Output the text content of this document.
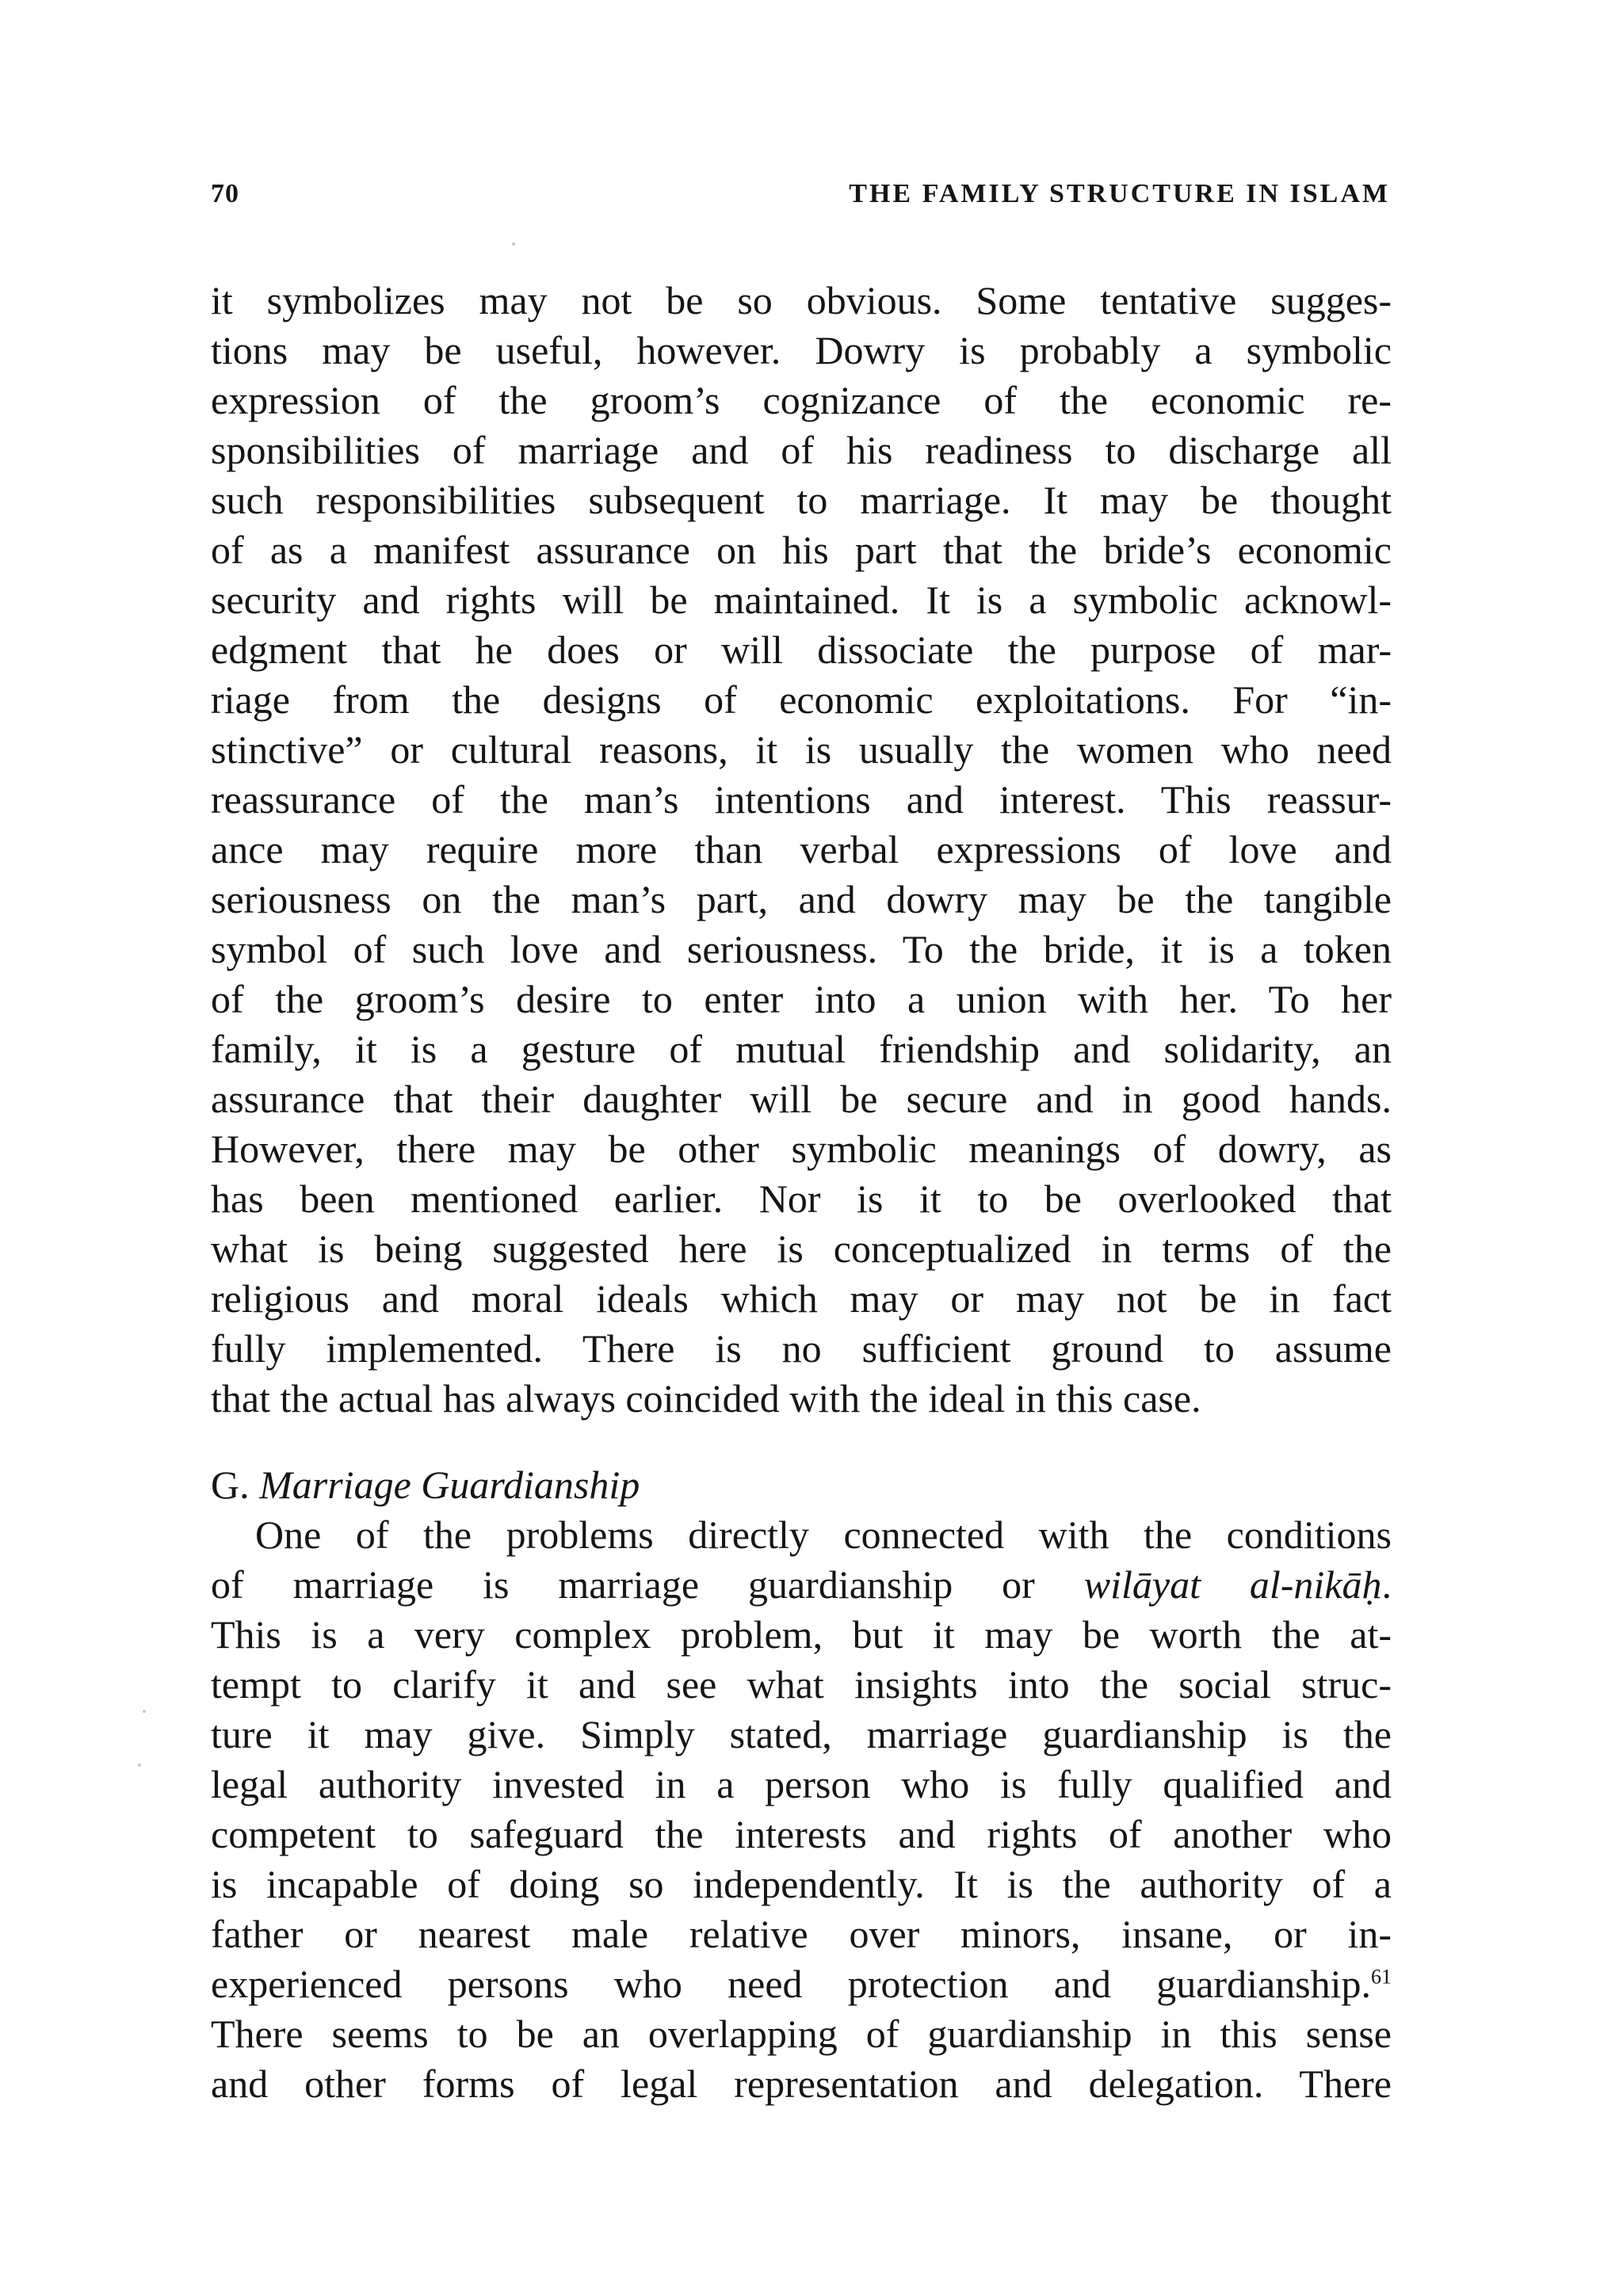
70	THE FAMILY STRUCTURE IN ISLAM
it symbolizes may not be so obvious. Some tentative sugges-
tions may be useful, however. Dowry is probably a symbolic
expression of the groom’s cognizance of the economic re-
sponsibilities of marriage and of his readiness to discharge all
such responsibilities subsequent to marriage. It may be thought
of as a manifest assurance on his part that the bride’s economic
security and rights will be maintained. It is a symbolic acknowl-
edgment that he does or will dissociate the purpose of mar-
riage from the designs of economic exploitations. For “in-
stinctive” or cultural reasons, it is usually the women who need
reassurance of the man’s intentions and interest. This reassur-
ance may require more than verbal expressions of love and
seriousness on the man’s part, and dowry may be the tangible
symbol of such love and seriousness. To the bride, it is a token
of the groom’s desire to enter into a union with her. To her
family, it is a gesture of mutual friendship and solidarity, an
assurance that their daughter will be secure and in good hands.
However, there may be other symbolic meanings of dowry, as
has been mentioned earlier. Nor is it to be overlooked that
what is being suggested here is conceptualized in terms of the
religious and moral ideals which may or may not be in fact
fully implemented. There is no sufficient ground to assume
that the actual has always coincided with the ideal in this case.
G. Marriage Guardianship
One of the problems directly connected with the conditions
of marriage is marriage guardianship or wilāyat al-nikāḥ.
This is a very complex problem, but it may be worth the at-
tempt to clarify it and see what insights into the social struc-
ture it may give. Simply stated, marriage guardianship is the
legal authority invested in a person who is fully qualified and
competent to safeguard the interests and rights of another who
is incapable of doing so independently. It is the authority of a
father or nearest male relative over minors, insane, or in-
experienced persons who need protection and guardianship.$^{61}$
There seems to be an overlapping of guardianship in this sense
and other forms of legal representation and delegation. There
